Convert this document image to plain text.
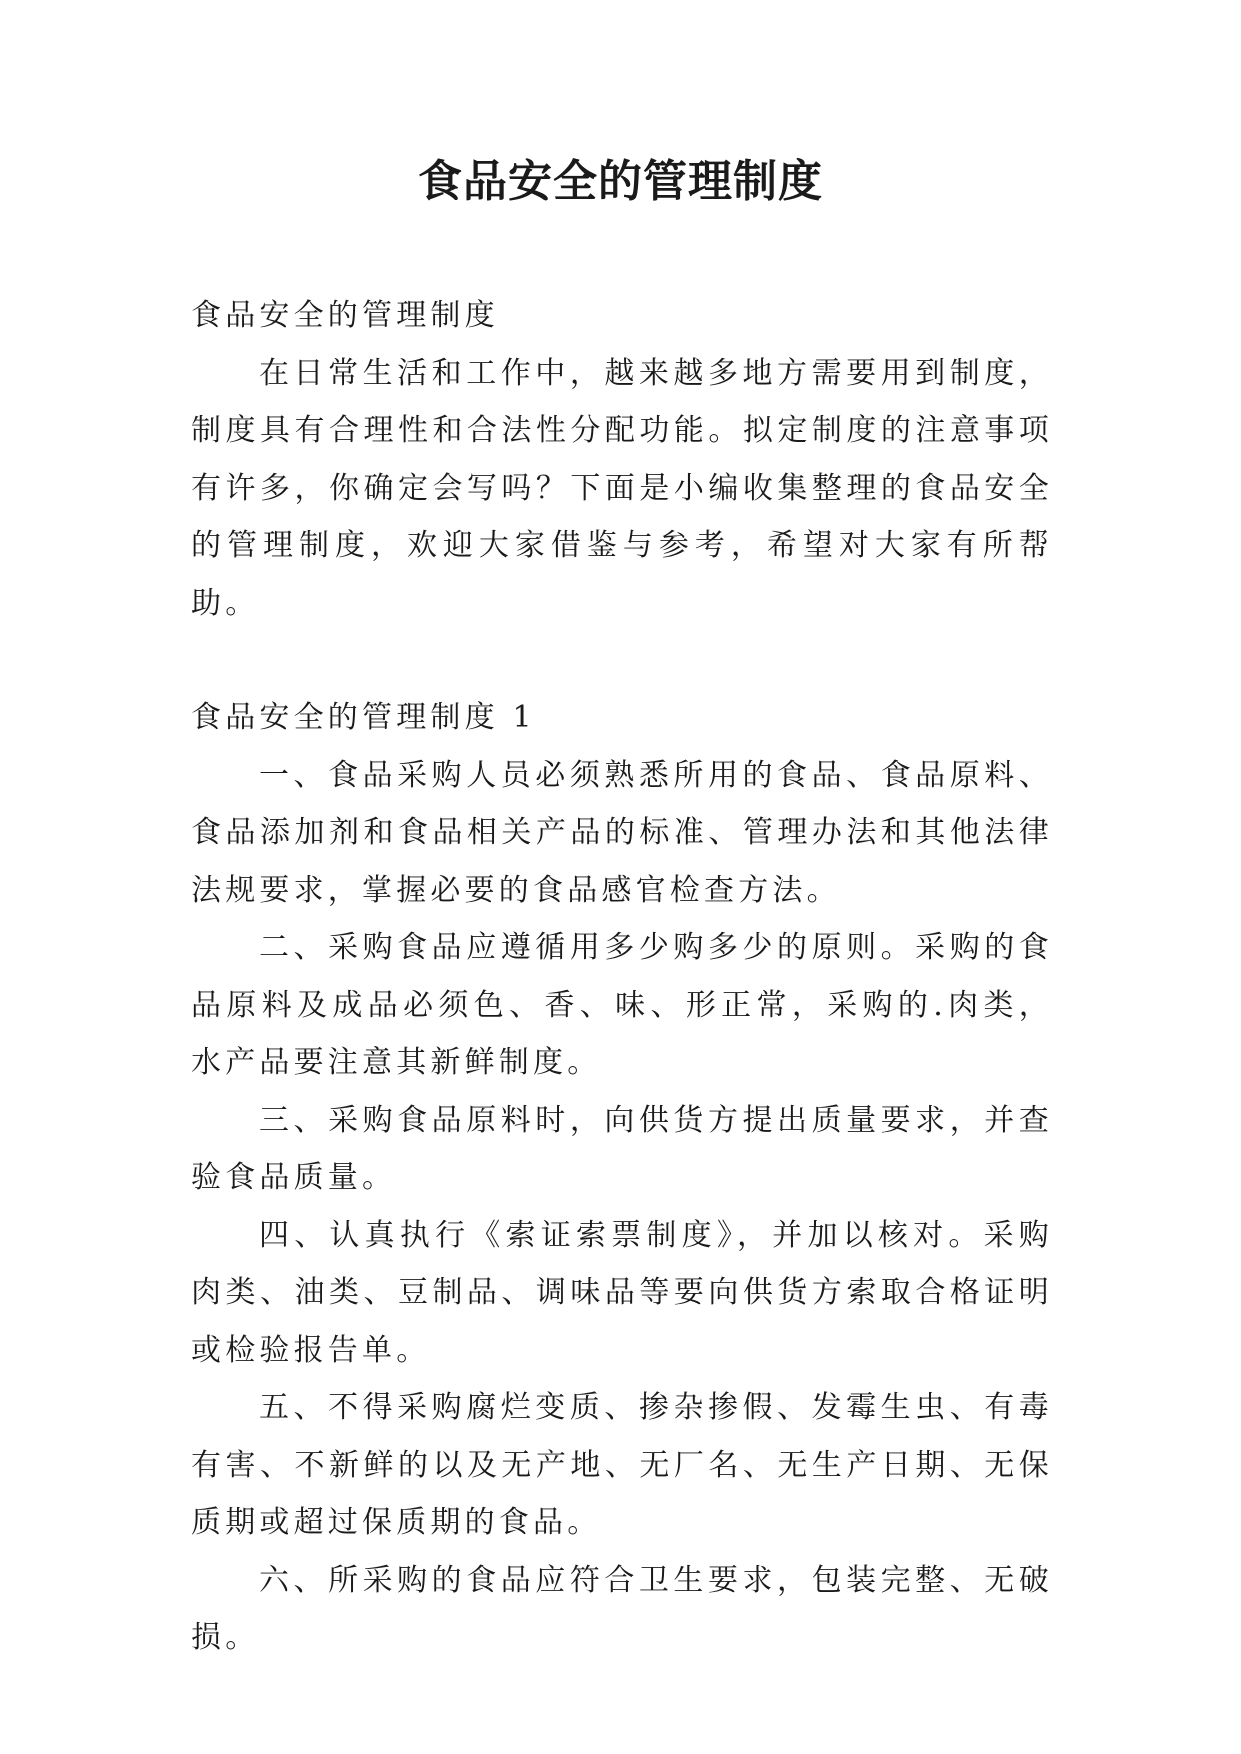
食品安全的管理制度

食品安全的管理制度

在日常生活和工作中，越来越多地方需要用到制度，制度具有合理性和合法性分配功能。拟定制度的注意事项有许多，你确定会写吗？下面是小编收集整理的食品安全的管理制度，欢迎大家借鉴与参考，希望对大家有所帮助。

食品安全的管理制度 1

一、食品采购人员必须熟悉所用的食品、食品原料、食品添加剂和食品相关产品的标准、管理办法和其他法律法规要求，掌握必要的食品感官检查方法。

二、采购食品应遵循用多少购多少的原则。采购的食品原料及成品必须色、香、味、形正常，采购的.肉类，水产品要注意其新鲜制度。

三、采购食品原料时，向供货方提出质量要求，并查验食品质量。

四、认真执行《索证索票制度》，并加以核对。采购肉类、油类、豆制品、调味品等要向供货方索取合格证明或检验报告单。

五、不得采购腐烂变质、掺杂掺假、发霉生虫、有毒有害、不新鲜的以及无产地、无厂名、无生产日期、无保质期或超过保质期的食品。

六、所采购的食品应符合卫生要求，包装完整、无破损。
